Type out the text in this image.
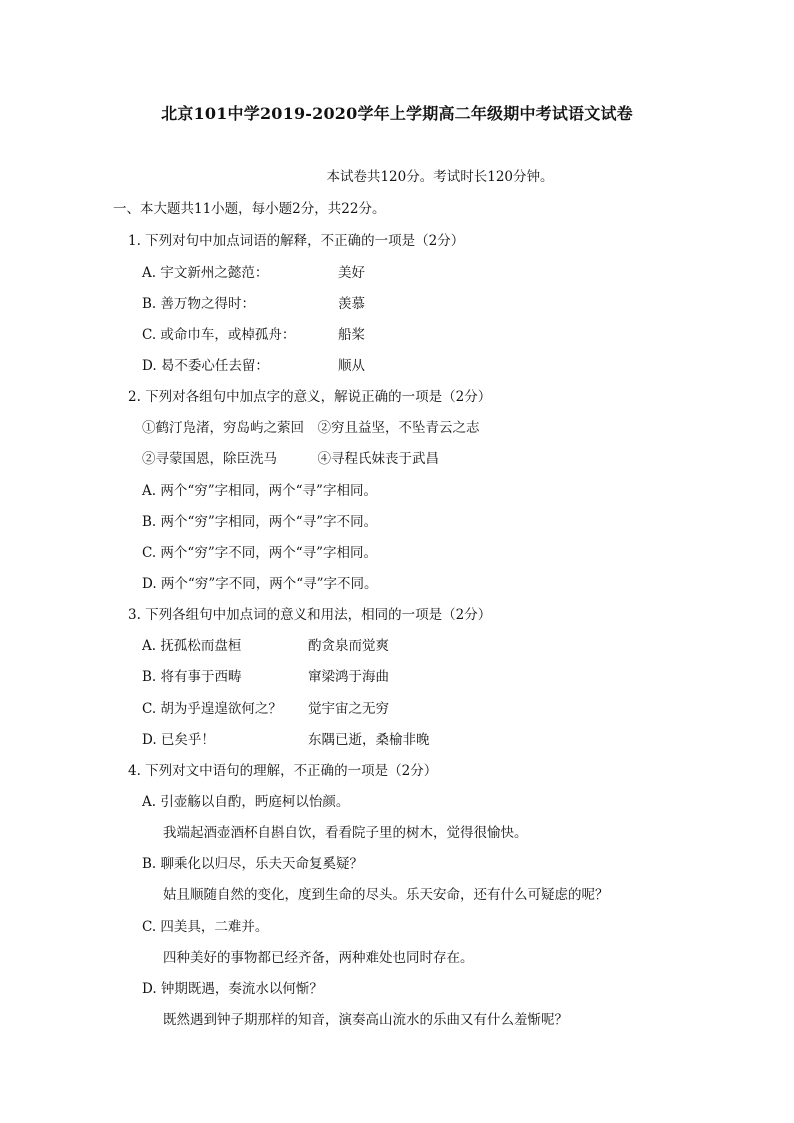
北京101中学2019-2020学年上学期高二年级期中考试语文试卷
本试卷共120分。考试时长120分钟。
一、本大题共11小题，每小题2分，共22分。
1. 下列对句中加点词语的解释，不正确的一项是（2分）
A. 宇文新州之懿范：	美好
B. 善万物之得时：	羡慕
C. 或命巾车，或棹孤舟：	船桨
D. 曷不委心任去留：	顺从
2. 下列对各组句中加点字的意义，解说正确的一项是（2分）
①鹤汀凫渚，穷岛屿之萦回　②穷且益坚，不坠青云之志
②寻蒙国恩，除臣洗马　　　④寻程氏妹丧于武昌
A. 两个“穷”字相同，两个“寻”字相同。
B. 两个“穷”字相同，两个“寻”字不同。
C. 两个“穷”字不同，两个“寻”字相同。
D. 两个“穷”字不同，两个“寻”字不同。
3. 下列各组句中加点词的意义和用法，相同的一项是（2分）
A. 抚孤松而盘桓	酌贪泉而觉爽
B. 将有事于西畴	窜梁鸿于海曲
C. 胡为乎遑遑欲何之？ 觉宇宙之无穷
D. 已矣乎！	东隅已逝，桑榆非晚
4. 下列对文中语句的理解，不正确的一项是（2分）
A. 引壶觞以自酌，眄庭柯以怡颜。
我端起酒壶酒杯自斟自饮，看看院子里的树木，觉得很愉快。
B. 聊乘化以归尽，乐夫天命复奚疑？
姑且顺随自然的变化，度到生命的尽头。乐天安命，还有什么可疑虑的呢？
C. 四美具，二难并。
四种美好的事物都已经齐备，两种难处也同时存在。
D. 钟期既遇，奏流水以何惭？
既然遇到钟子期那样的知音，演奏高山流水的乐曲又有什么羞惭呢？
